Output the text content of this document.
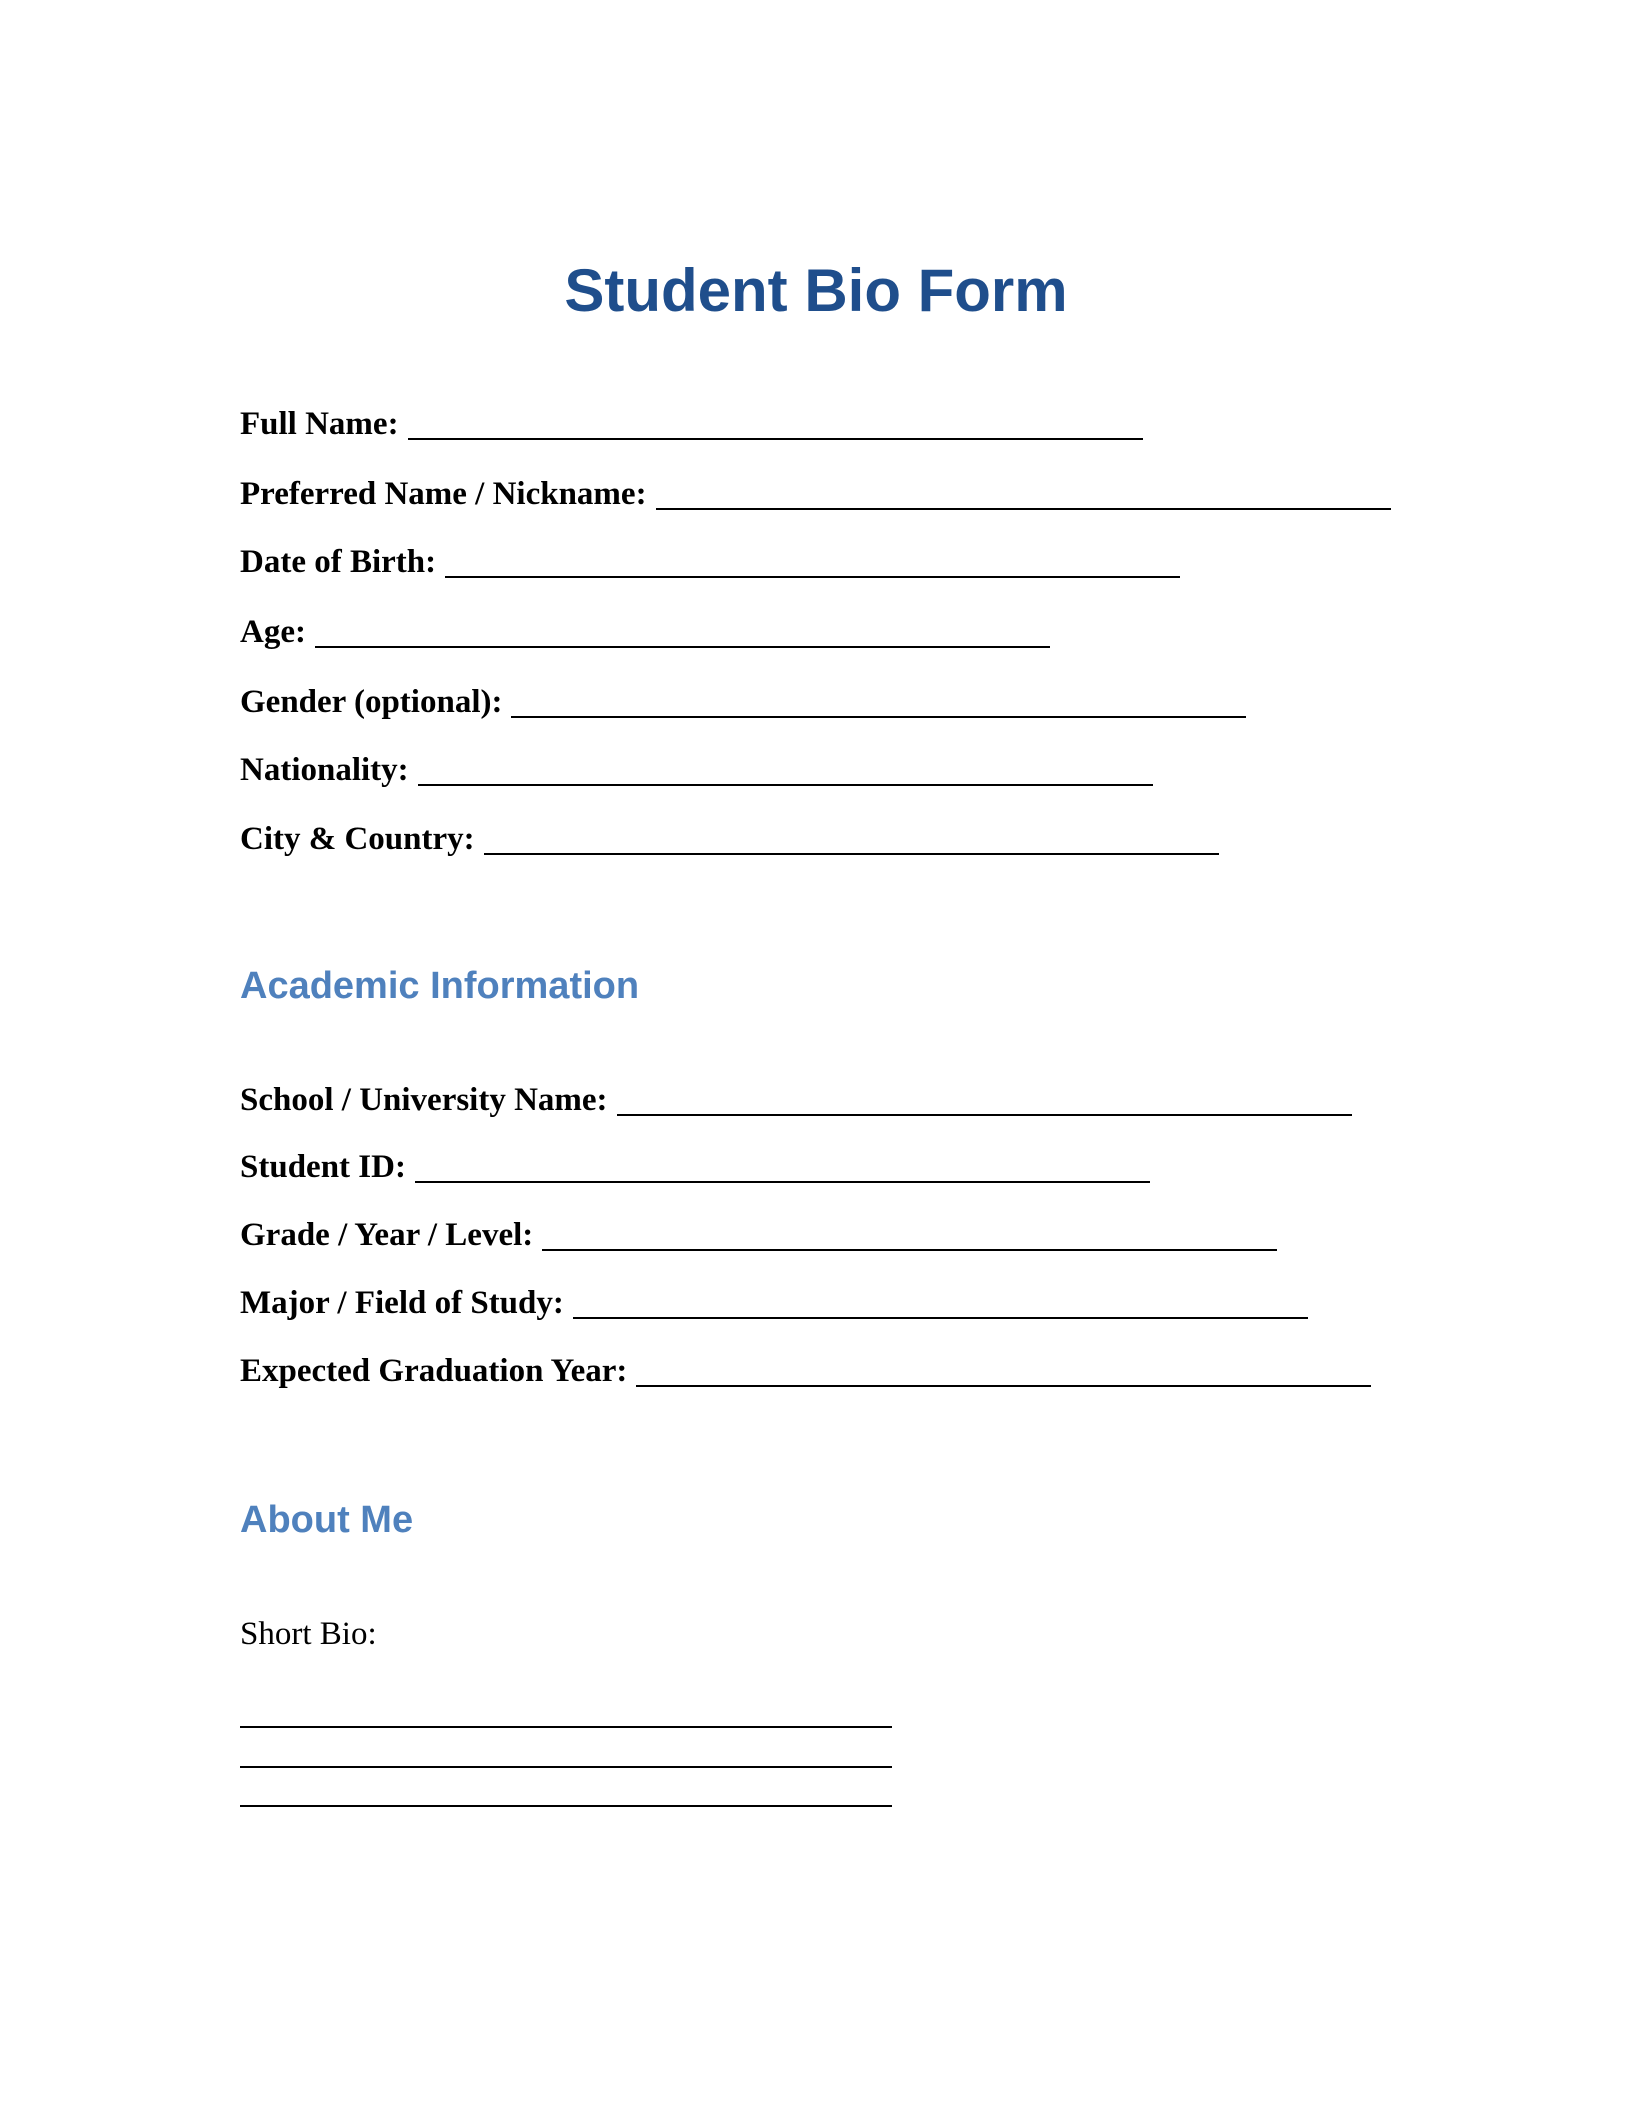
Student Bio Form
Full Name:
Preferred Name / Nickname:
Date of Birth:
Age:
Gender (optional):
Nationality:
City & Country:
Academic Information
School / University Name:
Student ID:
Grade / Year / Level:
Major / Field of Study:
Expected Graduation Year:
About Me
Short Bio:
